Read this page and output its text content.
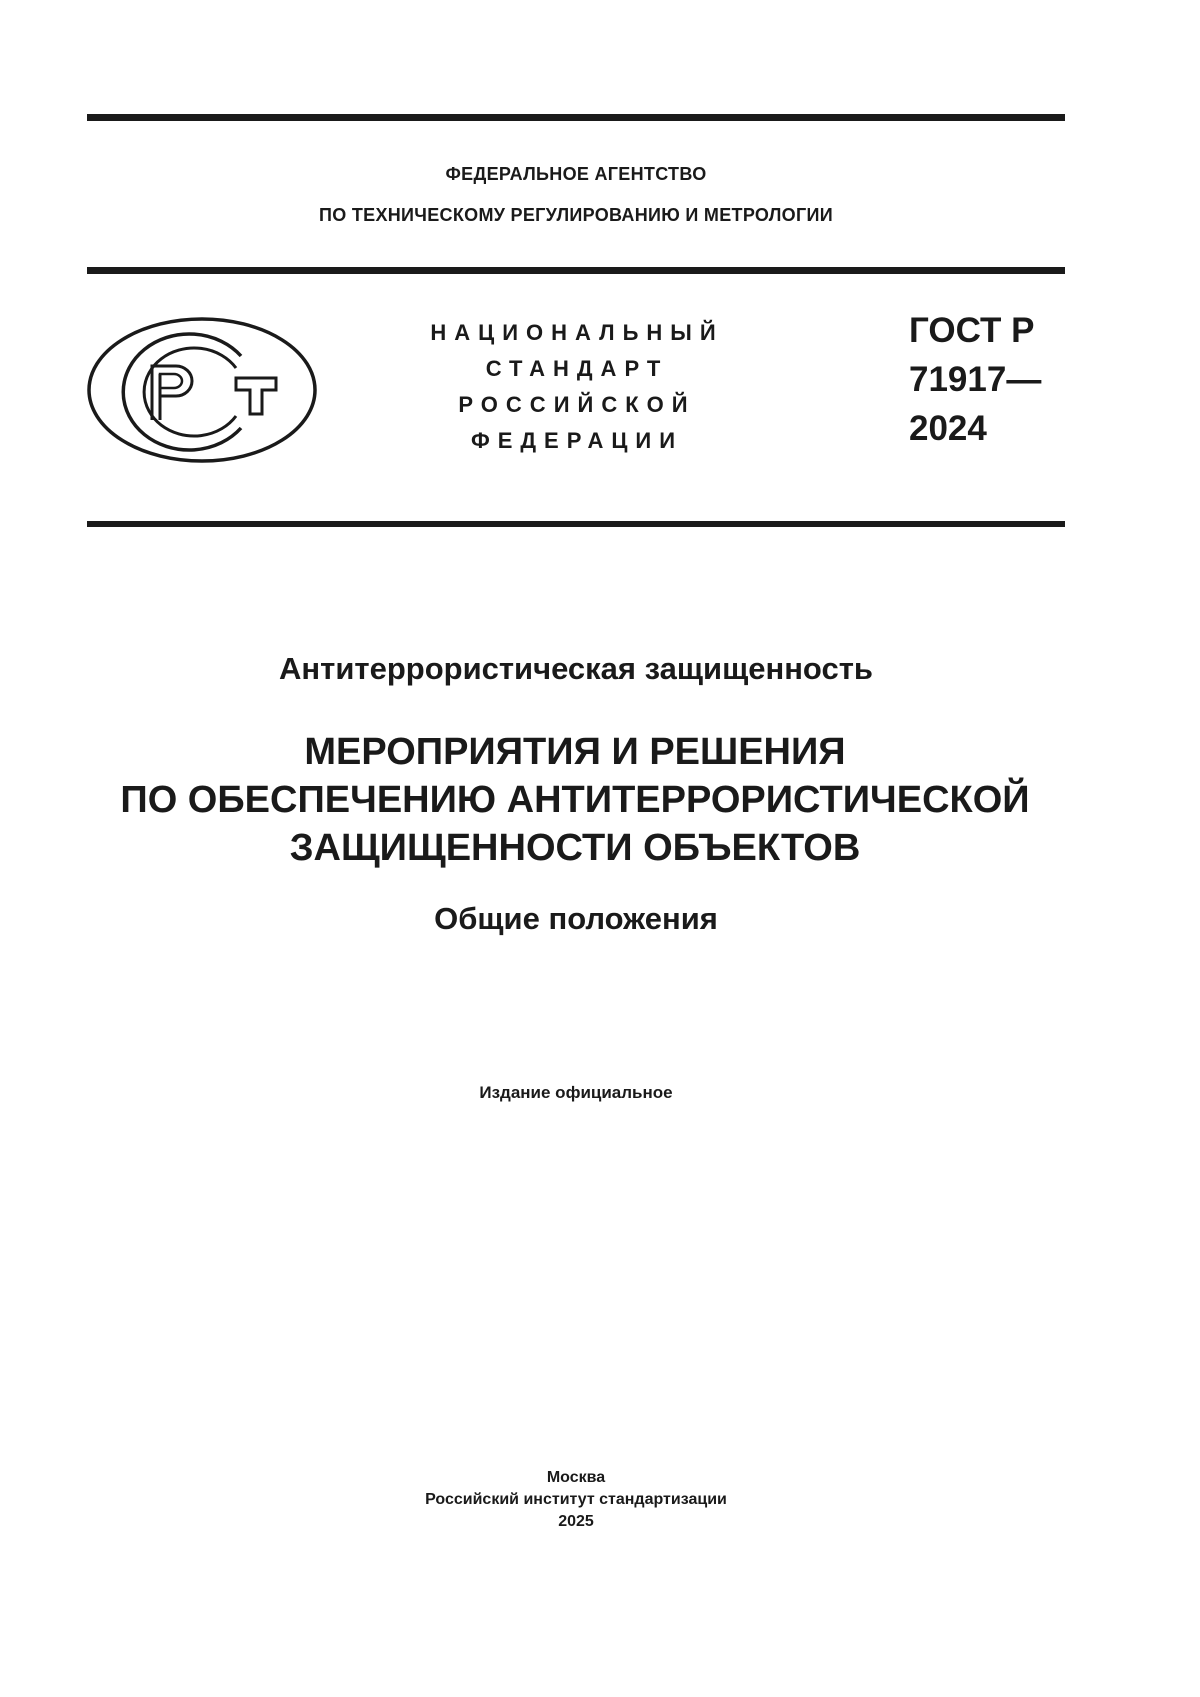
ФЕДЕРАЛЬНОЕ АГЕНТСТВО
ПО ТЕХНИЧЕСКОМУ РЕГУЛИРОВАНИЮ И МЕТРОЛОГИИ
НАЦИОНАЛЬНЫЙ
СТАНДАРТ
РОССИЙСКОЙ
ФЕДЕРАЦИИ
ГОСТ Р
71917—
2024
Антитеррористическая защищенность
МЕРОПРИЯТИЯ И РЕШЕНИЯ
ПО ОБЕСПЕЧЕНИЮ АНТИТЕРРОРИСТИЧЕСКОЙ
ЗАЩИЩЕННОСТИ ОБЪЕКТОВ
Общие положения
Издание официальное
Москва
Российский институт стандартизации
2025
